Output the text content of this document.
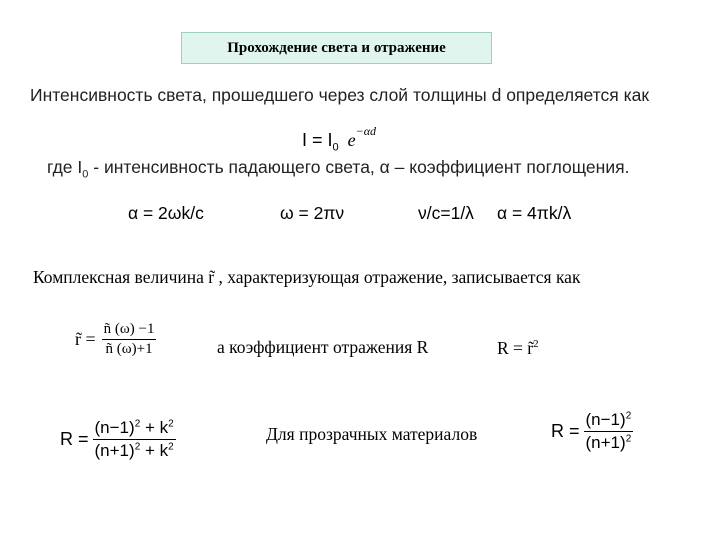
Прохождение света и отражение
Интенсивность света, прошедшего через слой толщины d определяется как
$I = I_0$ $e^{-\alpha d}$
где $I_0$ - интенсивность падающего света, α – коэффициент поглощения.
α = 2ωk/c	ω = 2πν	ν/c=1/λ α = 4πk/λ
Комплексная величина r̃ , характеризующая отражение, записывается как
r̃ = $\frac{ñ (\omega) -1}{ñ (\omega)+1}$	а коэффициент отражения R	R = r̃$^2$
$R = \frac{(n-1)^2 + k^2}{(n+1)^2 + k^2}$	Для прозрачных материалов	$R = \frac{(n-1)^2}{(n+1)^2}$
